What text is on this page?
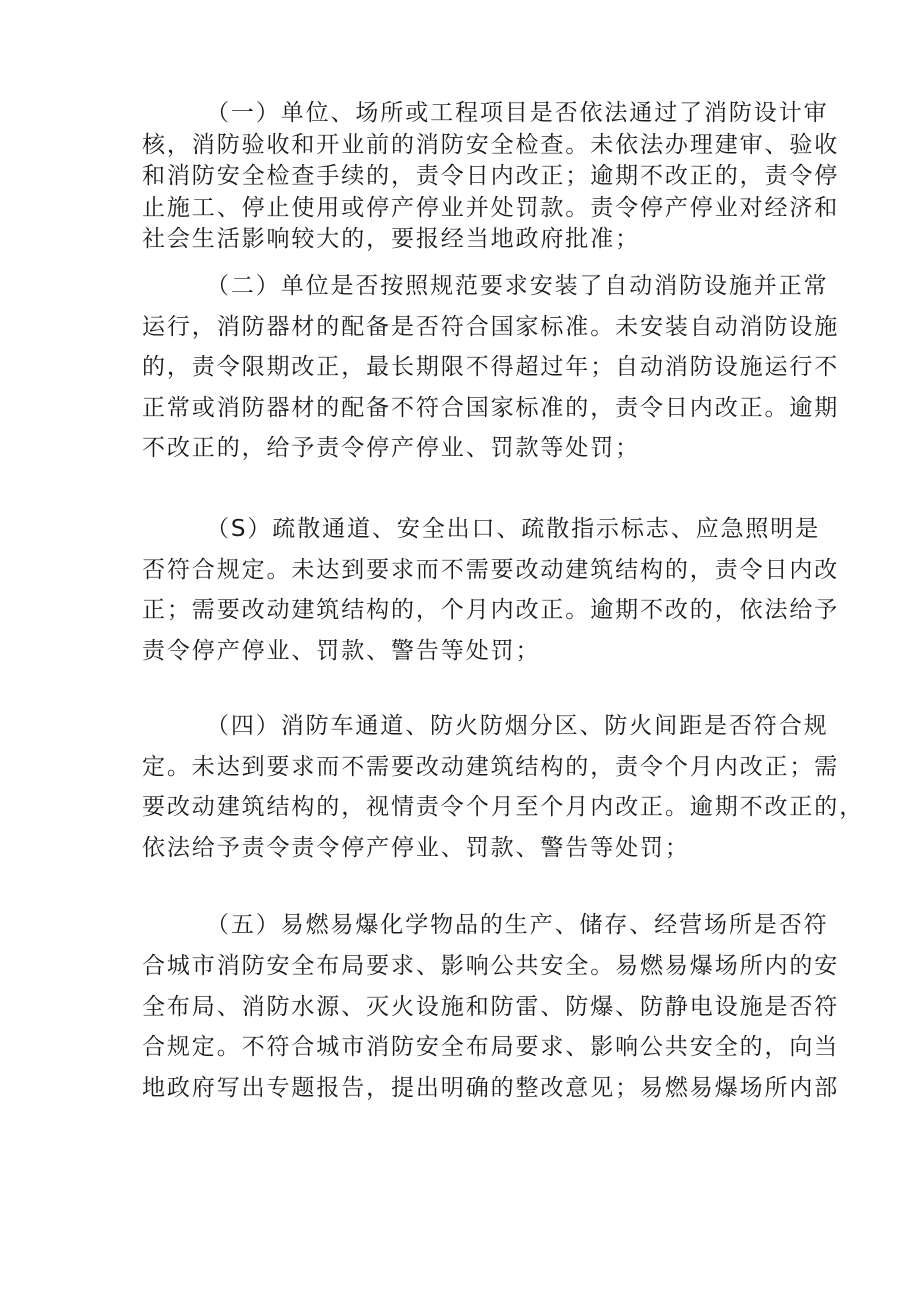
（一）单位、场所或工程项目是否依法通过了消防设计审
核，消防验收和开业前的消防安全检查。未依法办理建审、验收
和消防安全检查手续的，责令日内改正；逾期不改正的，责令停
止施工、停止使用或停产停业并处罚款。责令停产停业对经济和
社会生活影响较大的，要报经当地政府批准；
（二）单位是否按照规范要求安装了自动消防设施并正常
运行，消防器材的配备是否符合国家标准。未安装自动消防设施
的，责令限期改正，最长期限不得超过年；自动消防设施运行不
正常或消防器材的配备不符合国家标准的，责令日内改正。逾期
不改正的，给予责令停产停业、罚款等处罚；
（S）疏散通道、安全出口、疏散指示标志、应急照明是
否符合规定。未达到要求而不需要改动建筑结构的，责令日内改
正；需要改动建筑结构的，个月内改正。逾期不改的，依法给予
责令停产停业、罚款、警告等处罚；
（四）消防车通道、防火防烟分区、防火间距是否符合规
定。未达到要求而不需要改动建筑结构的，责令个月内改正；需
要改动建筑结构的，视情责令个月至个月内改正。逾期不改正的，
依法给予责令责令停产停业、罚款、警告等处罚；
（五）易燃易爆化学物品的生产、储存、经营场所是否符
合城市消防安全布局要求、影响公共安全。易燃易爆场所内的安
全布局、消防水源、灭火设施和防雷、防爆、防静电设施是否符
合规定。不符合城市消防安全布局要求、影响公共安全的，向当
地政府写出专题报告，提出明确的整改意见；易燃易爆场所内部
